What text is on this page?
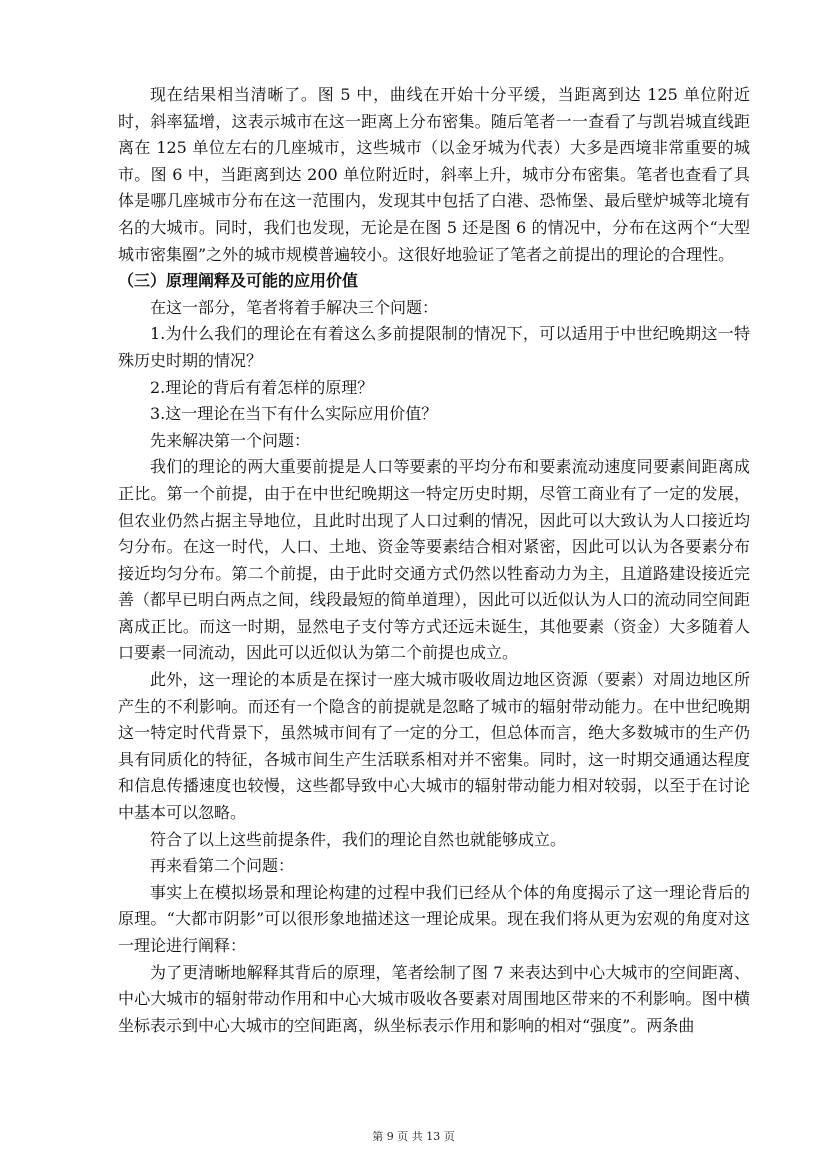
现在结果相当清晰了。图 5 中，曲线在开始十分平缓，当距离到达 125 单位附近时，斜率猛增，这表示城市在这一距离上分布密集。随后笔者一一查看了与凯岩城直线距离在 125 单位左右的几座城市，这些城市（以金牙城为代表）大多是西境非常重要的城市。图 6 中，当距离到达 200 单位附近时，斜率上升，城市分布密集。笔者也查看了具体是哪几座城市分布在这一范围内，发现其中包括了白港、恐怖堡、最后壁炉城等北境有名的大城市。同时，我们也发现，无论是在图 5 还是图 6 的情况中，分布在这两个“大型城市密集圈”之外的城市规模普遍较小。这很好地验证了笔者之前提出的理论的合理性。

（三）原理阐释及可能的应用价值

在这一部分，笔者将着手解决三个问题：

1.为什么我们的理论在有着这么多前提限制的情况下，可以适用于中世纪晚期这一特殊历史时期的情况？

2.理论的背后有着怎样的原理？

3.这一理论在当下有什么实际应用价值？

先来解决第一个问题：

我们的理论的两大重要前提是人口等要素的平均分布和要素流动速度同要素间距离成正比。第一个前提，由于在中世纪晚期这一特定历史时期，尽管工商业有了一定的发展，但农业仍然占据主导地位，且此时出现了人口过剩的情况，因此可以大致认为人口接近均匀分布。在这一时代，人口、土地、资金等要素结合相对紧密，因此可以认为各要素分布接近均匀分布。第二个前提，由于此时交通方式仍然以牲畜动力为主，且道路建设接近完善（都早已明白两点之间，线段最短的简单道理），因此可以近似认为人口的流动同空间距离成正比。而这一时期，显然电子支付等方式还远未诞生，其他要素（资金）大多随着人口要素一同流动，因此可以近似认为第二个前提也成立。

此外，这一理论的本质是在探讨一座大城市吸收周边地区资源（要素）对周边地区所产生的不利影响。而还有一个隐含的前提就是忽略了城市的辐射带动能力。在中世纪晚期这一特定时代背景下，虽然城市间有了一定的分工，但总体而言，绝大多数城市的生产仍具有同质化的特征，各城市间生产生活联系相对并不密集。同时，这一时期交通通达程度和信息传播速度也较慢，这些都导致中心大城市的辐射带动能力相对较弱，以至于在讨论中基本可以忽略。

符合了以上这些前提条件，我们的理论自然也就能够成立。

再来看第二个问题：

事实上在模拟场景和理论构建的过程中我们已经从个体的角度揭示了这一理论背后的原理。“大都市阴影”可以很形象地描述这一理论成果。现在我们将从更为宏观的角度对这一理论进行阐释：

为了更清晰地解释其背后的原理，笔者绘制了图 7 来表达到中心大城市的空间距离、中心大城市的辐射带动作用和中心大城市吸收各要素对周围地区带来的不利影响。图中横坐标表示到中心大城市的空间距离，纵坐标表示作用和影响的相对“强度”。两条曲

第 9 页 共 13 页
